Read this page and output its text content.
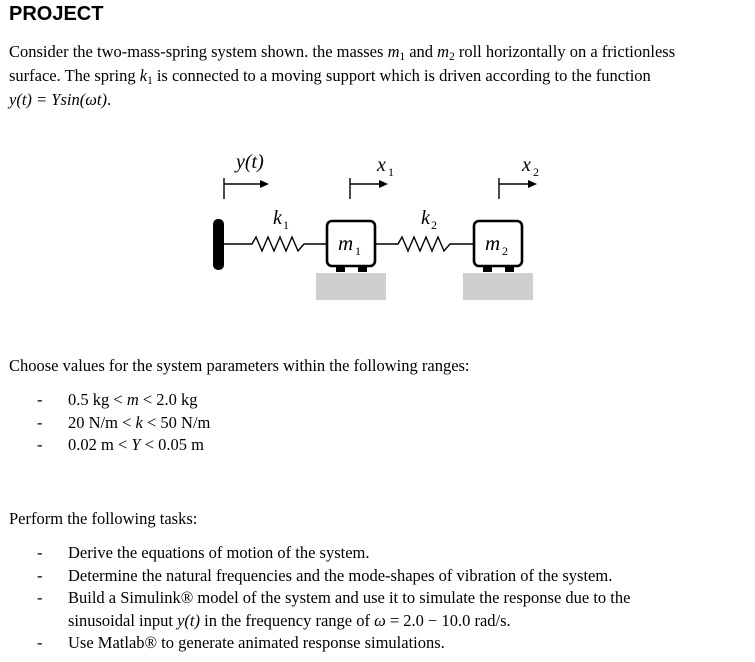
PROJECT
Consider the two-mass-spring system shown. the masses $m_1$ and $m_2$ roll horizontally on a frictionless
surface. The spring $k_1$ is connected to a moving support which is driven according to the function
y(t) = Ysin(ωt).
y(t)	x 1	x 2
k 1	k 2
m 1	m 2
Choose values for the system parameters within the following ranges:
- 0.5 kg < m < 2.0 kg
- 20 N/m < k < 50 N/m
- 0.02 m < Y < 0.05 m
Perform the following tasks:
- Derive the equations of motion of the system.
- Determine the natural frequencies and the mode-shapes of vibration of the system.
- Build a Simulink® model of the system and use it to simulate the response due to the
sinusoidal input y(t) in the frequency range of ω = 2.0 − 10.0 rad/s.
- Use Matlab® to generate animated response simulations.
